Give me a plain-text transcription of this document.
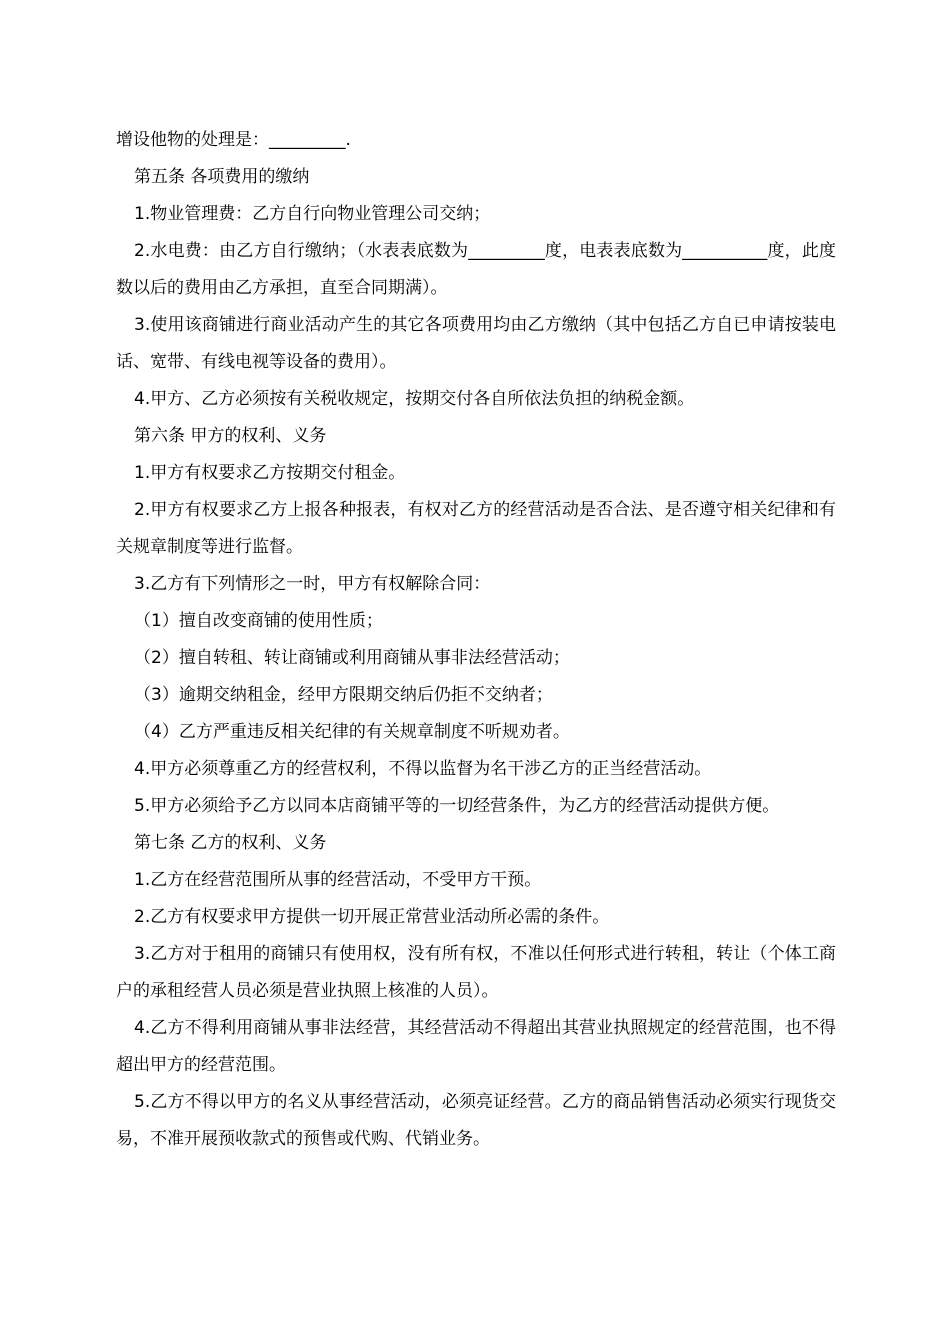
增设他物的处理是：_________.

第五条 各项费用的缴纳

1.物业管理费：乙方自行向物业管理公司交纳；

2.水电费：由乙方自行缴纳；（水表表底数为_________度，电表表底数为__________度，此度数以后的费用由乙方承担，直至合同期满）。

3.使用该商铺进行商业活动产生的其它各项费用均由乙方缴纳（其中包括乙方自已申请按装电话、宽带、有线电视等设备的费用）。

4.甲方、乙方必须按有关税收规定，按期交付各自所依法负担的纳税金额。

第六条 甲方的权利、义务

1.甲方有权要求乙方按期交付租金。

2.甲方有权要求乙方上报各种报表，有权对乙方的经营活动是否合法、是否遵守相关纪律和有关规章制度等进行监督。

3.乙方有下列情形之一时，甲方有权解除合同：

（1）擅自改变商铺的使用性质；

（2）擅自转租、转让商铺或利用商铺从事非法经营活动；

（3）逾期交纳租金，经甲方限期交纳后仍拒不交纳者；

（4）乙方严重违反相关纪律的有关规章制度不听规劝者。

4.甲方必须尊重乙方的经营权利，不得以监督为名干涉乙方的正当经营活动。

5.甲方必须给予乙方以同本店商铺平等的一切经营条件，为乙方的经营活动提供方便。

第七条 乙方的权利、义务

1.乙方在经营范围所从事的经营活动，不受甲方干预。

2.乙方有权要求甲方提供一切开展正常营业活动所必需的条件。

3.乙方对于租用的商铺只有使用权，没有所有权，不准以任何形式进行转租，转让（个体工商户的承租经营人员必须是营业执照上核准的人员）。

4.乙方不得利用商铺从事非法经营，其经营活动不得超出其营业执照规定的经营范围，也不得超出甲方的经营范围。

5.乙方不得以甲方的名义从事经营活动，必须亮证经营。乙方的商品销售活动必须实行现货交易，不准开展预收款式的预售或代购、代销业务。
